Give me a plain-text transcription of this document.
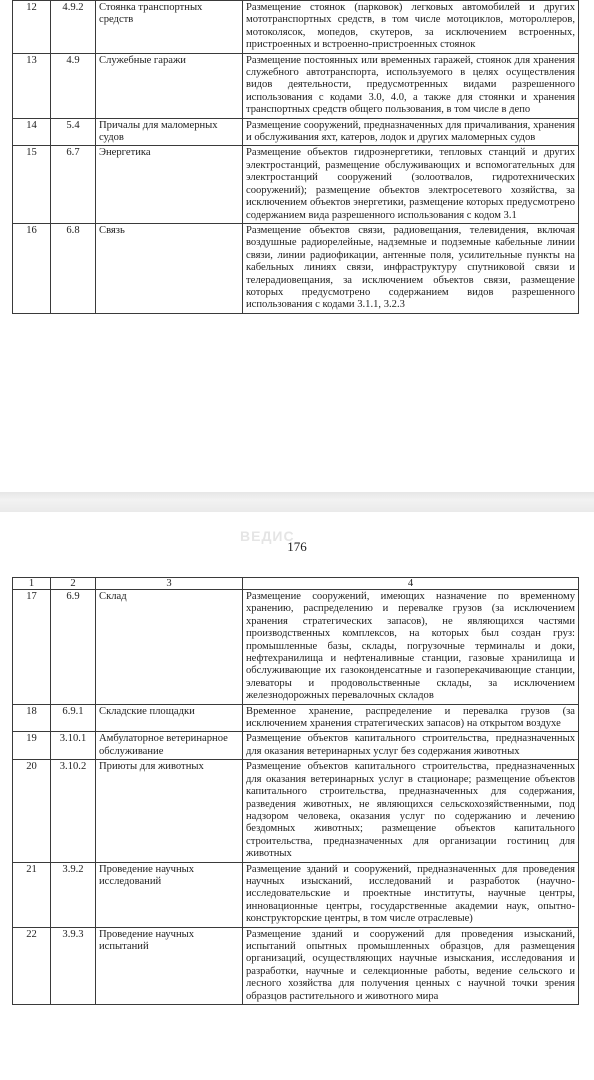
12	4.9.2	Стоянка транспортных средств	Размещение стоянок (парковок) легковых автомобилей и других мототранспортных средств, в том числе мотоциклов, мотороллеров, мотоколясок, мопедов, скутеров, за исключением встроенных, пристроенных и встроенно-пристроенных стоянок
13	4.9	Служебные гаражи	Размещение постоянных или временных гаражей, стоянок для хранения служебного автотранспорта, используемого в целях осуществления видов деятельности, предусмотренных видами разрешенного использования с кодами 3.0, 4.0, а также для стоянки и хранения транспортных средств общего пользования, в том числе в депо
14	5.4	Причалы для маломерных судов	Размещение сооружений, предназначенных для причаливания, хранения и обслуживания яхт, катеров, лодок и других маломерных судов
15	6.7	Энергетика	Размещение объектов гидроэнергетики, тепловых станций и других электростанций, размещение обслуживающих и вспомогательных для электростанций сооружений (золоотвалов, гидротехнических сооружений); размещение объектов электросетевого хозяйства, за исключением объектов энергетики, размещение которых предусмотрено содержанием вида разрешенного использования с кодом 3.1
16	6.8	Связь	Размещение объектов связи, радиовещания, телевидения, включая воздушные радиорелейные, надземные и подземные кабельные линии связи, линии радиофикации, антенные поля, усилительные пункты на кабельных линиях связи, инфраструктуру спутниковой связи и телерадиовещания, за исключением объектов связи, размещение которых предусмотрено содержанием видов разрешенного использования с кодами 3.1.1, 3.2.3
ВЕДИС
176
1	2	3	4
17	6.9	Склад	Размещение сооружений, имеющих назначение по временному хранению, распределению и перевалке грузов (за исключением хранения стратегических запасов), не являющихся частями производственных комплексов, на которых был создан груз: промышленные базы, склады, погрузочные терминалы и доки, нефтехранилища и нефтеналивные станции, газовые хранилища и обслуживающие их газоконденсатные и газоперекачивающие станции, элеваторы и продовольственные склады, за исключением железнодорожных перевалочных складов
18	6.9.1	Складские площадки	Временное хранение, распределение и перевалка грузов (за исключением хранения стратегических запасов) на открытом воздухе
19	3.10.1	Амбулаторное ветеринарное обслуживание	Размещение объектов капитального строительства, предназначенных для оказания ветеринарных услуг без содержания животных
20	3.10.2	Приюты для животных	Размещение объектов капитального строительства, предназначенных для оказания ветеринарных услуг в стационаре; размещение объектов капитального строительства, предназначенных для содержания, разведения животных, не являющихся сельскохозяйственными, под надзором человека, оказания услуг по содержанию и лечению бездомных животных; размещение объектов капитального строительства, предназначенных для организации гостиниц для животных
21	3.9.2	Проведение научных исследований	Размещение зданий и сооружений, предназначенных для проведения научных изысканий, исследований и разработок (научно-исследовательские и проектные институты, научные центры, инновационные центры, государственные академии наук, опытно-конструкторские центры, в том числе отраслевые)
22	3.9.3	Проведение научных испытаний	Размещение зданий и сооружений для проведения изысканий, испытаний опытных промышленных образцов, для размещения организаций, осуществляющих научные изыскания, исследования и разработки, научные и селекционные работы, ведение сельского и лесного хозяйства для получения ценных с научной точки зрения образцов растительного и животного мира
